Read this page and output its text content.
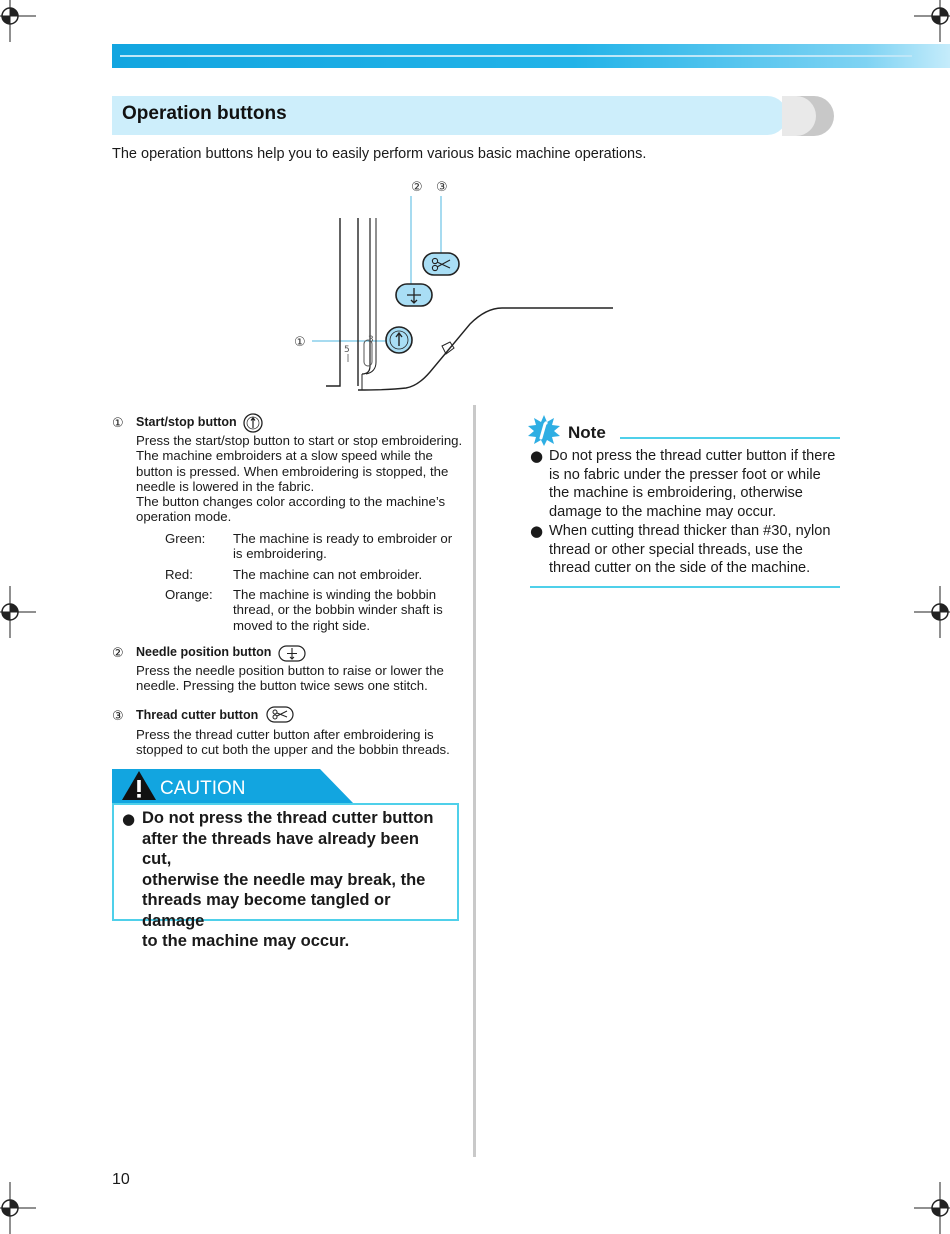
Operation buttons
The operation buttons help you to easily perform various basic machine operations.
② ③
①	5
3
① Start/stop button
Press the start/stop button to start or stop embroidering.
The machine embroiders at a slow speed while the
button is pressed. When embroidering is stopped, the
needle is lowered in the fabric.
The button changes color according to the machine’s
operation mode.
Green: The machine is ready to embroider or
is embroidering.
Red:	The machine can not embroider.
Orange: The machine is winding the bobbin
thread, or the bobbin winder shaft is
moved to the right side.
② Needle position button
Press the needle position button to raise or lower the
needle. Pressing the button twice sews one stitch.
③ Thread cutter button
Press the thread cutter button after embroidering is
stopped to cut both the upper and the bobbin threads.
CAUTION
● Do not press the thread cutter button
after the threads have already been cut,
otherwise the needle may break, the
threads may become tangled or damage
to the machine may occur.
Note
● Do not press the thread cutter button if there
is no fabric under the presser foot or while
the machine is embroidering, otherwise
damage to the machine may occur.
● When cutting thread thicker than #30, nylon
thread or other special threads, use the
thread cutter on the side of the machine.
10
